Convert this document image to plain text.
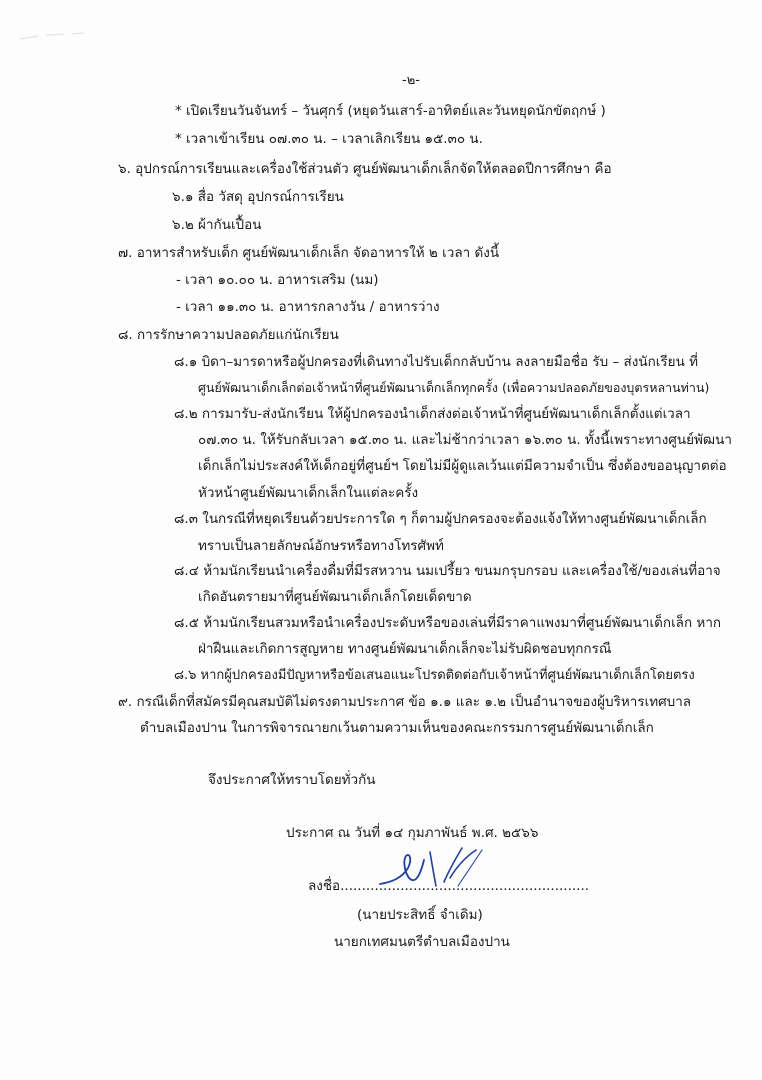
-๒-
* เปิดเรียนวันจันทร์ – วันศุกร์ (หยุดวันเสาร์-อาทิตย์และวันหยุดนักขัตฤกษ์ )
* เวลาเข้าเรียน ๐๗.๓๐ น. – เวลาเลิกเรียน ๑๕.๓๐ น.
๖. อุปกรณ์การเรียนและเครื่องใช้ส่วนตัว ศูนย์พัฒนาเด็กเล็กจัดให้ตลอดปีการศึกษา คือ
๖.๑ สื่อ วัสดุ อุปกรณ์การเรียน
๖.๒ ผ้ากันเปื้อน
๗. อาหารสำหรับเด็ก ศูนย์พัฒนาเด็กเล็ก จัดอาหารให้ ๒ เวลา ดังนี้
- เวลา ๑๐.๐๐ น. อาหารเสริม (นม)
- เวลา ๑๑.๓๐ น. อาหารกลางวัน / อาหารว่าง
๘. การรักษาความปลอดภัยแก่นักเรียน
๘.๑ บิดา–มารดาหรือผู้ปกครองที่เดินทางไปรับเด็กกลับบ้าน ลงลายมือชื่อ รับ – ส่งนักเรียน ที่
ศูนย์พัฒนาเด็กเล็กต่อเจ้าหน้าที่ศูนย์พัฒนาเด็กเล็กทุกครั้ง (เพื่อความปลอดภัยของบุตรหลานท่าน)
๘.๒ การมารับ-ส่งนักเรียน ให้ผู้ปกครองนำเด็กส่งต่อเจ้าหน้าที่ศูนย์พัฒนาเด็กเล็กตั้งแต่เวลา
๐๗.๓๐ น. ให้รับกลับเวลา ๑๕.๓๐ น. และไม่ช้ากว่าเวลา ๑๖.๓๐ น. ทั้งนี้เพราะทางศูนย์พัฒนา
เด็กเล็กไม่ประสงค์ให้เด็กอยู่ที่ศูนย์ฯ โดยไม่มีผู้ดูแลเว้นแต่มีความจำเป็น ซึ่งต้องขออนุญาตต่อ
หัวหน้าศูนย์พัฒนาเด็กเล็กในแต่ละครั้ง
๘.๓ ในกรณีที่หยุดเรียนด้วยประการใด ๆ ก็ตามผู้ปกครองจะต้องแจ้งให้ทางศูนย์พัฒนาเด็กเล็ก
ทราบเป็นลายลักษณ์อักษรหรือทางโทรศัพท์
๘.๔ ห้ามนักเรียนนำเครื่องดื่มที่มีรสหวาน นมเปรี้ยว ขนมกรุบกรอบ และเครื่องใช้/ของเล่นที่อาจ
เกิดอันตรายมาที่ศูนย์พัฒนาเด็กเล็กโดยเด็ดขาด
๘.๕ ห้ามนักเรียนสวมหรือนำเครื่องประดับหรือของเล่นที่มีราคาแพงมาที่ศูนย์พัฒนาเด็กเล็ก หาก
ฝ่าฝืนและเกิดการสูญหาย ทางศูนย์พัฒนาเด็กเล็กจะไม่รับผิดชอบทุกกรณี
๘.๖ หากผู้ปกครองมีปัญหาหรือข้อเสนอแนะโปรดติดต่อกับเจ้าหน้าที่ศูนย์พัฒนาเด็กเล็กโดยตรง
๙. กรณีเด็กที่สมัครมีคุณสมบัติไม่ตรงตามประกาศ ข้อ ๑.๑ และ ๑.๒ เป็นอำนาจของผู้บริหารเทศบาล
ตำบลเมืองปาน ในการพิจารณายกเว้นตามความเห็นของคณะกรรมการศูนย์พัฒนาเด็กเล็ก
จึงประกาศให้ทราบโดยทั่วกัน
ประกาศ ณ วันที่ ๑๔ กุมภาพันธ์ พ.ศ. ๒๕๖๖
ลงชื่อ..........................................................
(นายประสิทธิ์ จำเดิม)
นายกเทศมนตรีตำบลเมืองปาน
